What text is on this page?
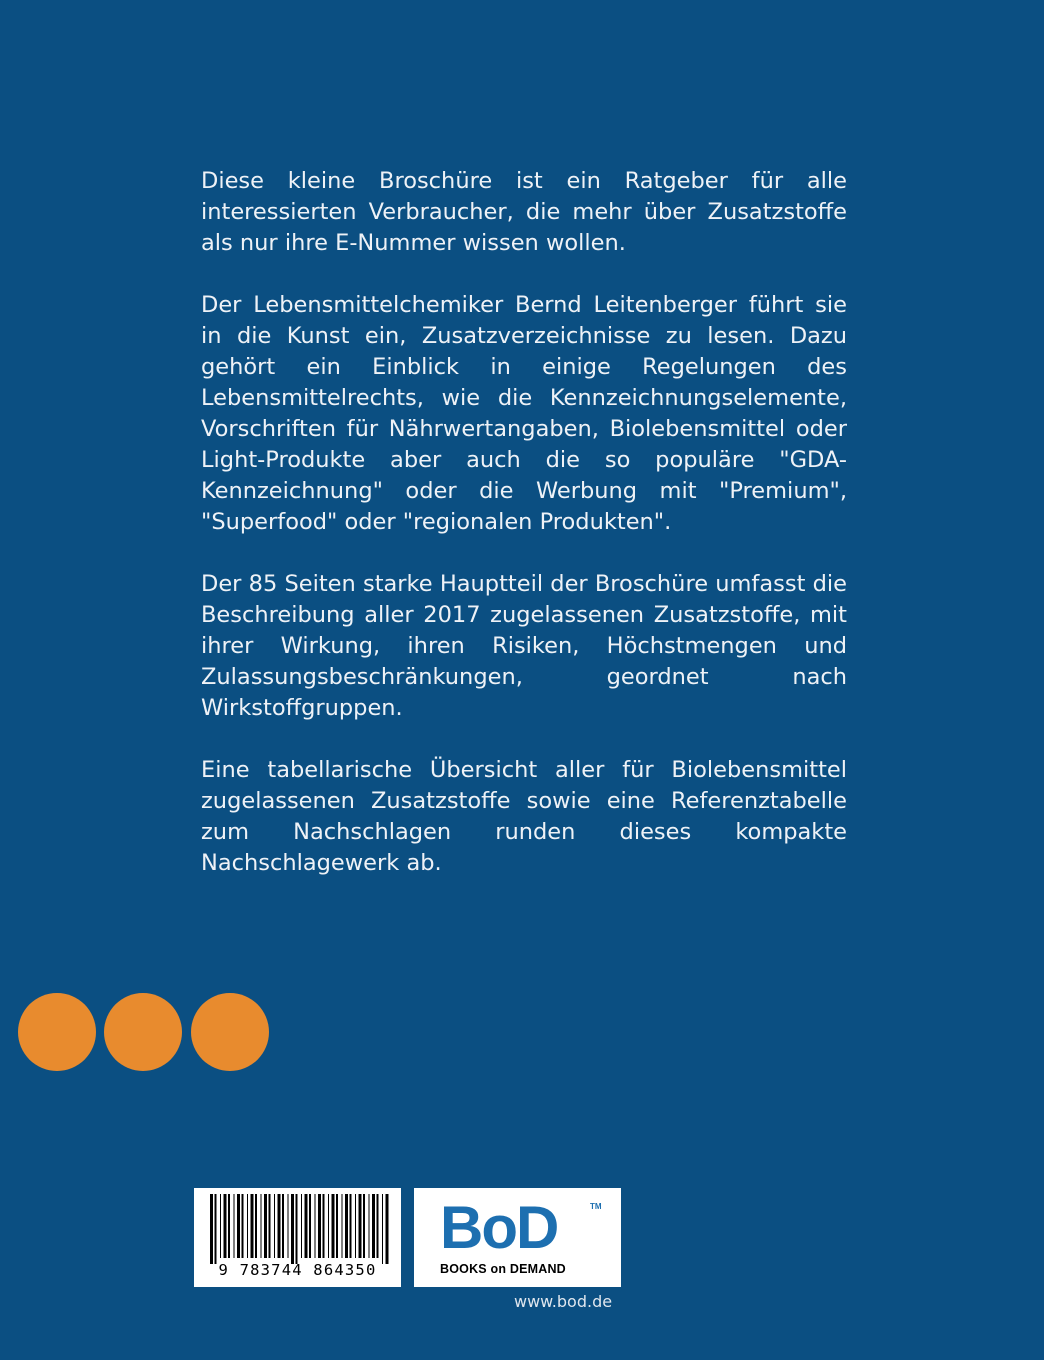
Diese kleine Broschüre ist ein Ratgeber für alle interessierten Verbraucher, die mehr über Zusatzstoffe als nur ihre E-Nummer wissen wollen.

Der Lebensmittelchemiker Bernd Leitenberger führt sie in die Kunst ein, Zusatzverzeichnisse zu lesen. Dazu gehört ein Einblick in einige Regelungen des Lebensmittelrechts, wie die Kennzeichnungselemente, Vorschriften für Nährwertangaben, Biolebensmittel oder Light-Produkte aber auch die so populäre "GDA-Kennzeichnung" oder die Werbung mit "Premium", "Superfood" oder "regionalen Produkten".

Der 85 Seiten starke Hauptteil der Broschüre umfasst die Beschreibung aller 2017 zugelassenen Zusatzstoffe, mit ihrer Wirkung, ihren Risiken, Höchstmengen und Zulassungsbeschränkungen, geordnet nach Wirkstoffgruppen.

Eine tabellarische Übersicht aller für Biolebensmittel zugelassenen Zusatzstoffe sowie eine Referenztabelle zum Nachschlagen runden dieses kompakte Nachschlagewerk ab.

9 783744 864350
BoD	TM
BOOKS on DEMAND
www.bod.de
